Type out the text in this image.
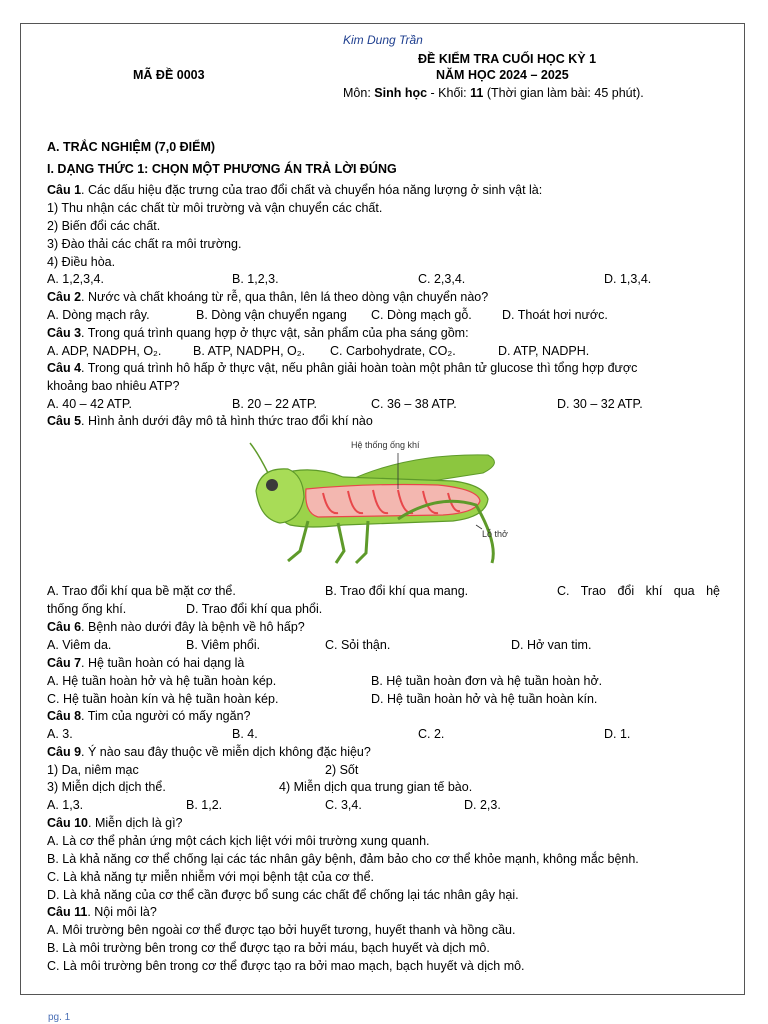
Kim Dung Trần
MÃ ĐỀ 0003
ĐỀ KIỂM TRA CUỐI HỌC KỲ 1
NĂM HỌC 2024 – 2025
Môn: Sinh học - Khối: 11 (Thời gian làm bài: 45 phút).
A. TRẮC NGHIỆM (7,0 ĐIỂM)
I. DẠNG THỨC 1: CHỌN MỘT PHƯƠNG ÁN TRẢ LỜI ĐÚNG
Câu 1. Các dấu hiệu đặc trưng của trao đổi chất và chuyển hóa năng lượng ở sinh vật là:
1) Thu nhận các chất từ môi trường và vận chuyển các chất.
2) Biến đổi các chất.
3) Đào thải các chất ra môi trường.
4) Điều hòa.
A. 1,2,3,4.	B. 1,2,3.	C. 2,3,4.	D. 1,3,4.
Câu 2. Nước và chất khoáng từ rễ, qua thân, lên lá theo dòng vận chuyển nào?
A. Dòng mạch rây.	B. Dòng vận chuyển ngang C. Dòng mạch gỗ. D. Thoát hơi nước.
Câu 3. Trong quá trình quang hợp ở thực vật, sản phẩm của pha sáng gồm:
A. ADP, NADPH, O₂.	B. ATP, NADPH, O₂. C. Carbohydrate, CO₂.	D. ATP, NADPH.
Câu 4. Trong quá trình hô hấp ở thực vật, nếu phân giải hoàn toàn một phân tử glucose thì tổng hợp được
khoảng bao nhiêu ATP?
A. 40 – 42 ATP.	B. 20 – 22 ATP.	C. 36 – 38 ATP.	D. 30 – 32 ATP.
Câu 5. Hình ảnh dưới đây mô tả hình thức trao đổi khí nào
Hệ thống ống khí
Lỗ thở
A. Trao đổi khí qua bề mặt cơ thể.	B. Trao đổi khí qua mang.	C. Trao đổi khí qua hệ
thống ống khí.	D. Trao đổi khí qua phổi.
Câu 6. Bệnh nào dưới đây là bệnh về hô hấp?
A. Viêm da.	B. Viêm phổi.	C. Sỏi thận.	D. Hở van tim.
Câu 7. Hệ tuần hoàn có hai dạng là
A. Hệ tuần hoàn hở và hệ tuần hoàn kép.	B. Hệ tuần hoàn đơn và hệ tuần hoàn hở.
C. Hệ tuần hoàn kín và hệ tuần hoàn kép.	D. Hệ tuần hoàn hở và hệ tuần hoàn kín.
Câu 8. Tim của người có mấy ngăn?
A. 3.	B. 4.	C. 2.	D. 1.
Câu 9. Ý nào sau đây thuộc về miễn dịch không đặc hiệu?
1) Da, niêm mạc	2) Sốt
3) Miễn dịch dịch thể.	4) Miễn dịch qua trung gian tế bào.
A. 1,3.	B. 1,2.	C. 3,4.	D. 2,3.
Câu 10. Miễn dịch là gì?
A. Là cơ thể phản ứng một cách kịch liệt với môi trường xung quanh.
B. Là khả năng cơ thể chống lại các tác nhân gây bệnh, đảm bảo cho cơ thể khỏe mạnh, không mắc bệnh.
C. Là khả năng tự miễn nhiễm với mọi bệnh tật của cơ thể.
D. Là khả năng của cơ thể cần được bổ sung các chất để chống lại tác nhân gây hại.
Câu 11. Nội môi là?
A. Môi trường bên ngoài cơ thể được tạo bởi huyết tương, huyết thanh và hồng cầu.
B. Là môi trường bên trong cơ thể được tạo ra bởi máu, bạch huyết và dịch mô.
C. Là môi trường bên trong cơ thể được tạo ra bởi mao mạch, bạch huyết và dịch mô.
pg. 1
